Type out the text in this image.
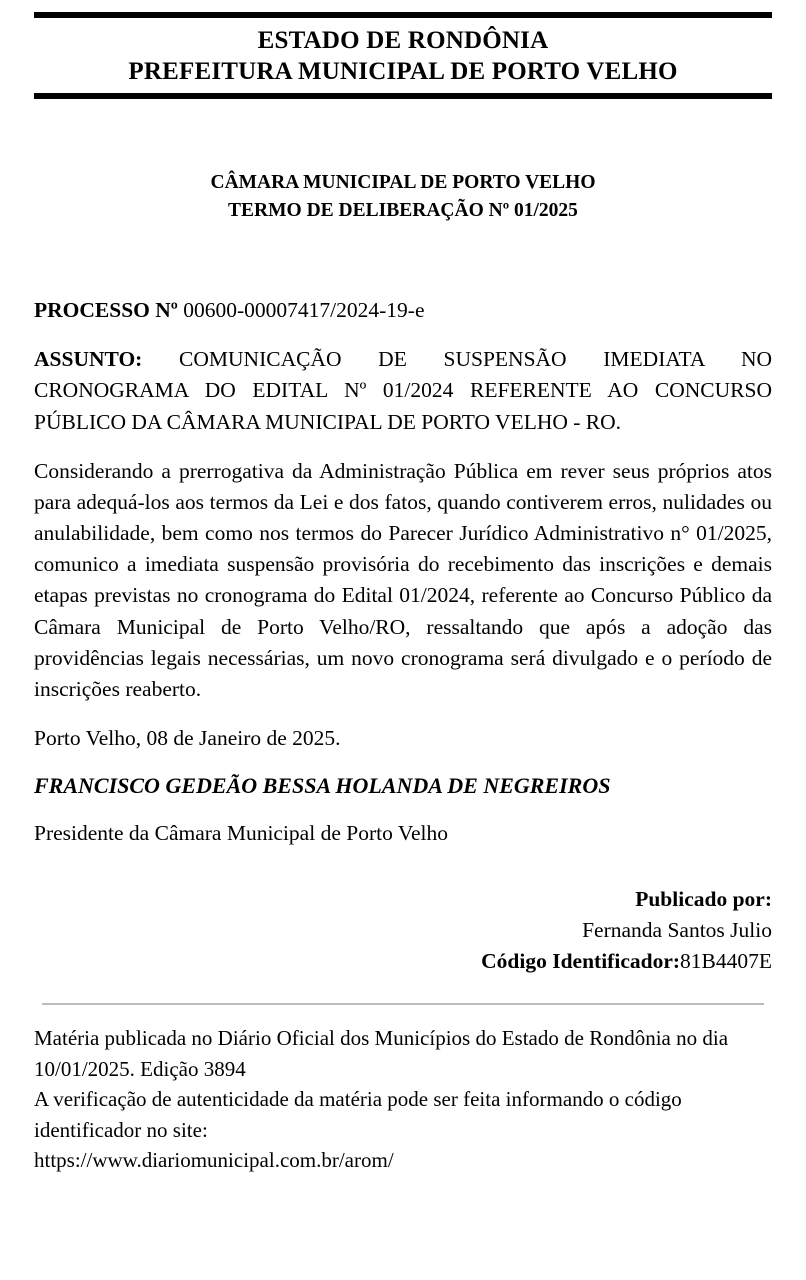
ESTADO DE RONDÔNIA
PREFEITURA MUNICIPAL DE PORTO VELHO
CÂMARA MUNICIPAL DE PORTO VELHO
TERMO DE DELIBERAÇÃO Nº 01/2025

PROCESSO Nº 00600-00007417/2024-19-e

ASSUNTO: COMUNICAÇÃO DE SUSPENSÃO IMEDIATA NO CRONOGRAMA DO EDITAL Nº 01/2024 REFERENTE AO CONCURSO PÚBLICO DA CÂMARA MUNICIPAL DE PORTO VELHO - RO.

Considerando a prerrogativa da Administração Pública em rever seus próprios atos para adequá-los aos termos da Lei e dos fatos, quando contiverem erros, nulidades ou anulabilidade, bem como nos termos do Parecer Jurídico Administrativo n° 01/2025, comunico a imediata suspensão provisória do recebimento das inscrições e demais etapas previstas no cronograma do Edital 01/2024, referente ao Concurso Público da Câmara Municipal de Porto Velho/RO, ressaltando que após a adoção das providências legais necessárias, um novo cronograma será divulgado e o período de inscrições reaberto.

Porto Velho, 08 de Janeiro de 2025.

FRANCISCO GEDEÃO BESSA HOLANDA DE NEGREIROS

Presidente da Câmara Municipal de Porto Velho

Publicado por:
Fernanda Santos Julio
Código Identificador:81B4407E

Matéria publicada no Diário Oficial dos Municípios do Estado de Rondônia no dia 10/01/2025. Edição 3894

A verificação de autenticidade da matéria pode ser feita informando o código identificador no site:

https://www.diariomunicipal.com.br/arom/
